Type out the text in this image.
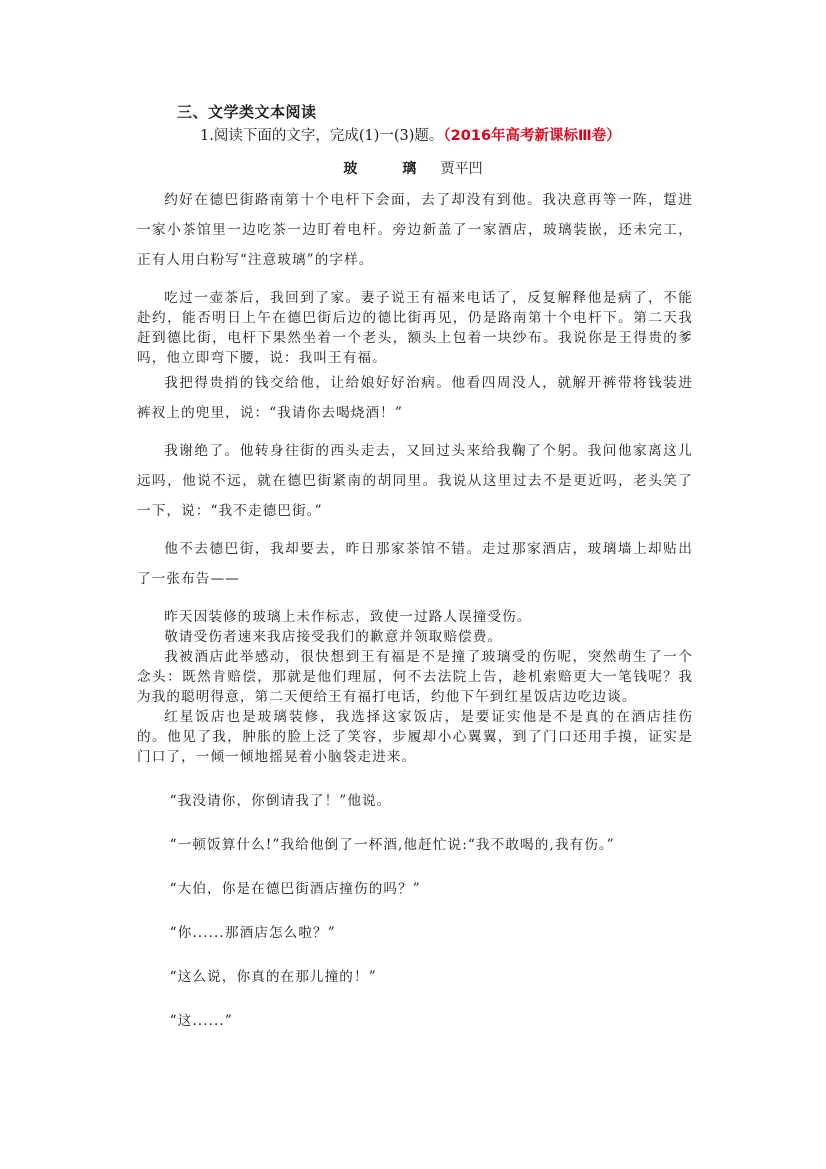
三、文学类文本阅读
1.阅读下面的文字，完成(1)一(3)题。（2016年高考新课标Ⅲ卷）
玻 璃 贾平凹

约好在德巴街路南第十个电杆下会面，去了却没有到他。我决意再等一阵，踅进一家小茶馆里一边吃茶一边盯着电杆。旁边新盖了一家酒店，玻璃装嵌，还未完工，正有人用白粉写“注意玻璃”的字样。

吃过一壶茶后，我回到了家。妻子说王有福来电话了，反复解释他是病了，不能赴约，能否明日上午在德巴街后边的德比街再见，仍是路南第十个电杆下。第二天我赶到德比街，电杆下果然坐着一个老头，额头上包着一块纱布。我说你是王得贵的爹吗，他立即弯下腰，说：我叫王有福。

我把得贵捎的钱交给他，让给娘好好治病。他看四周没人，就解开裤带将钱装进裤衩上的兜里，说：“我请你去喝烧酒！”

我谢绝了。他转身往街的西头走去，又回过头来给我鞠了个躬。我问他家离这儿远吗，他说不远，就在德巴街紧南的胡同里。我说从这里过去不是更近吗，老头笑了一下，说：“我不走德巴街。”

他不去德巴街，我却要去，昨日那家茶馆不错。走过那家酒店，玻璃墙上却贴出了一张布告——

昨天因装修的玻璃上未作标志，致使一过路人误撞受伤。

敬请受伤者速来我店接受我们的歉意并领取赔偿费。

我被酒店此举感动，很快想到王有福是不是撞了玻璃受的伤呢，突然萌生了一个念头：既然肯赔偿，那就是他们理屈，何不去法院上告，趁机索赔更大一笔钱呢？我为我的聪明得意，第二天便给王有福打电话，约他下午到红星饭店边吃边谈。

红星饭店也是玻璃装修，我选择这家饭店，是要证实他是不是真的在酒店挂伤的。他见了我，肿胀的脸上泛了笑容，步履却小心翼翼，到了门口还用手摸，证实是门口了，一倾一倾地摇晃着小脑袋走进来。

“我没请你，你倒请我了！”他说。

“一顿饭算什么!”我给他倒了一杯酒,他赶忙说:“我不敢喝的,我有伤。”

“大伯，你是在德巴街酒店撞伤的吗？”

“你......那酒店怎么啦？”

“这么说，你真的在那儿撞的！”

“这......”
